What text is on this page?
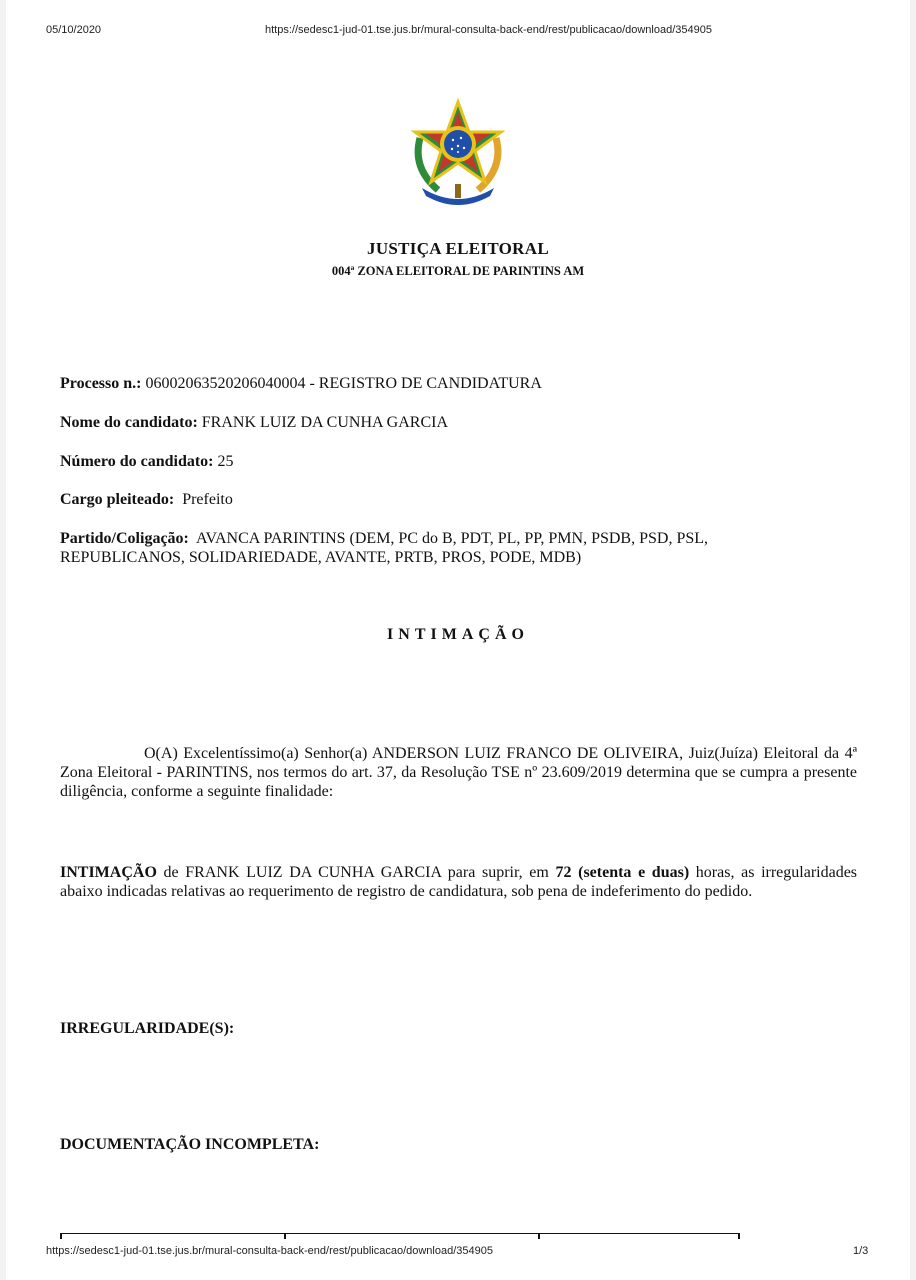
05/10/2020	https://sedesc1-jud-01.tse.jus.br/mural-consulta-back-end/rest/publicacao/download/354905
JUSTIÇA ELEITORAL
004ª ZONA ELEITORAL DE PARINTINS AM
Processo n.: 06002063520206040004 - REGISTRO DE CANDIDATURA
Nome do candidato: FRANK LUIZ DA CUNHA GARCIA
Número do candidato: 25
Cargo pleiteado: Prefeito
Partido/Coligação: AVANCA PARINTINS (DEM, PC do B, PDT, PL, PP, PMN, PSDB, PSD, PSL,
REPUBLICANOS, SOLIDARIEDADE, AVANTE, PRTB, PROS, PODE, MDB)
INTIMAÇÃO
O(A) Excelentíssimo(a) Senhor(a) ANDERSON LUIZ FRANCO DE OLIVEIRA, Juiz(Juíza) Eleitoral da 4ª Zona Eleitoral - PARINTINS, nos termos do art. 37, da Resolução TSE nº 23.609/2019 determina que se cumpra a presente diligência, conforme a seguinte finalidade:
INTIMAÇÃO de FRANK LUIZ DA CUNHA GARCIA para suprir, em 72 (setenta e duas) horas, as irregularidades abaixo indicadas relativas ao requerimento de registro de candidatura, sob pena de indeferimento do pedido.
IRREGULARIDADE(S):
DOCUMENTAÇÃO INCOMPLETA:
https://sedesc1-jud-01.tse.jus.br/mural-consulta-back-end/rest/publicacao/download/354905	1/3
